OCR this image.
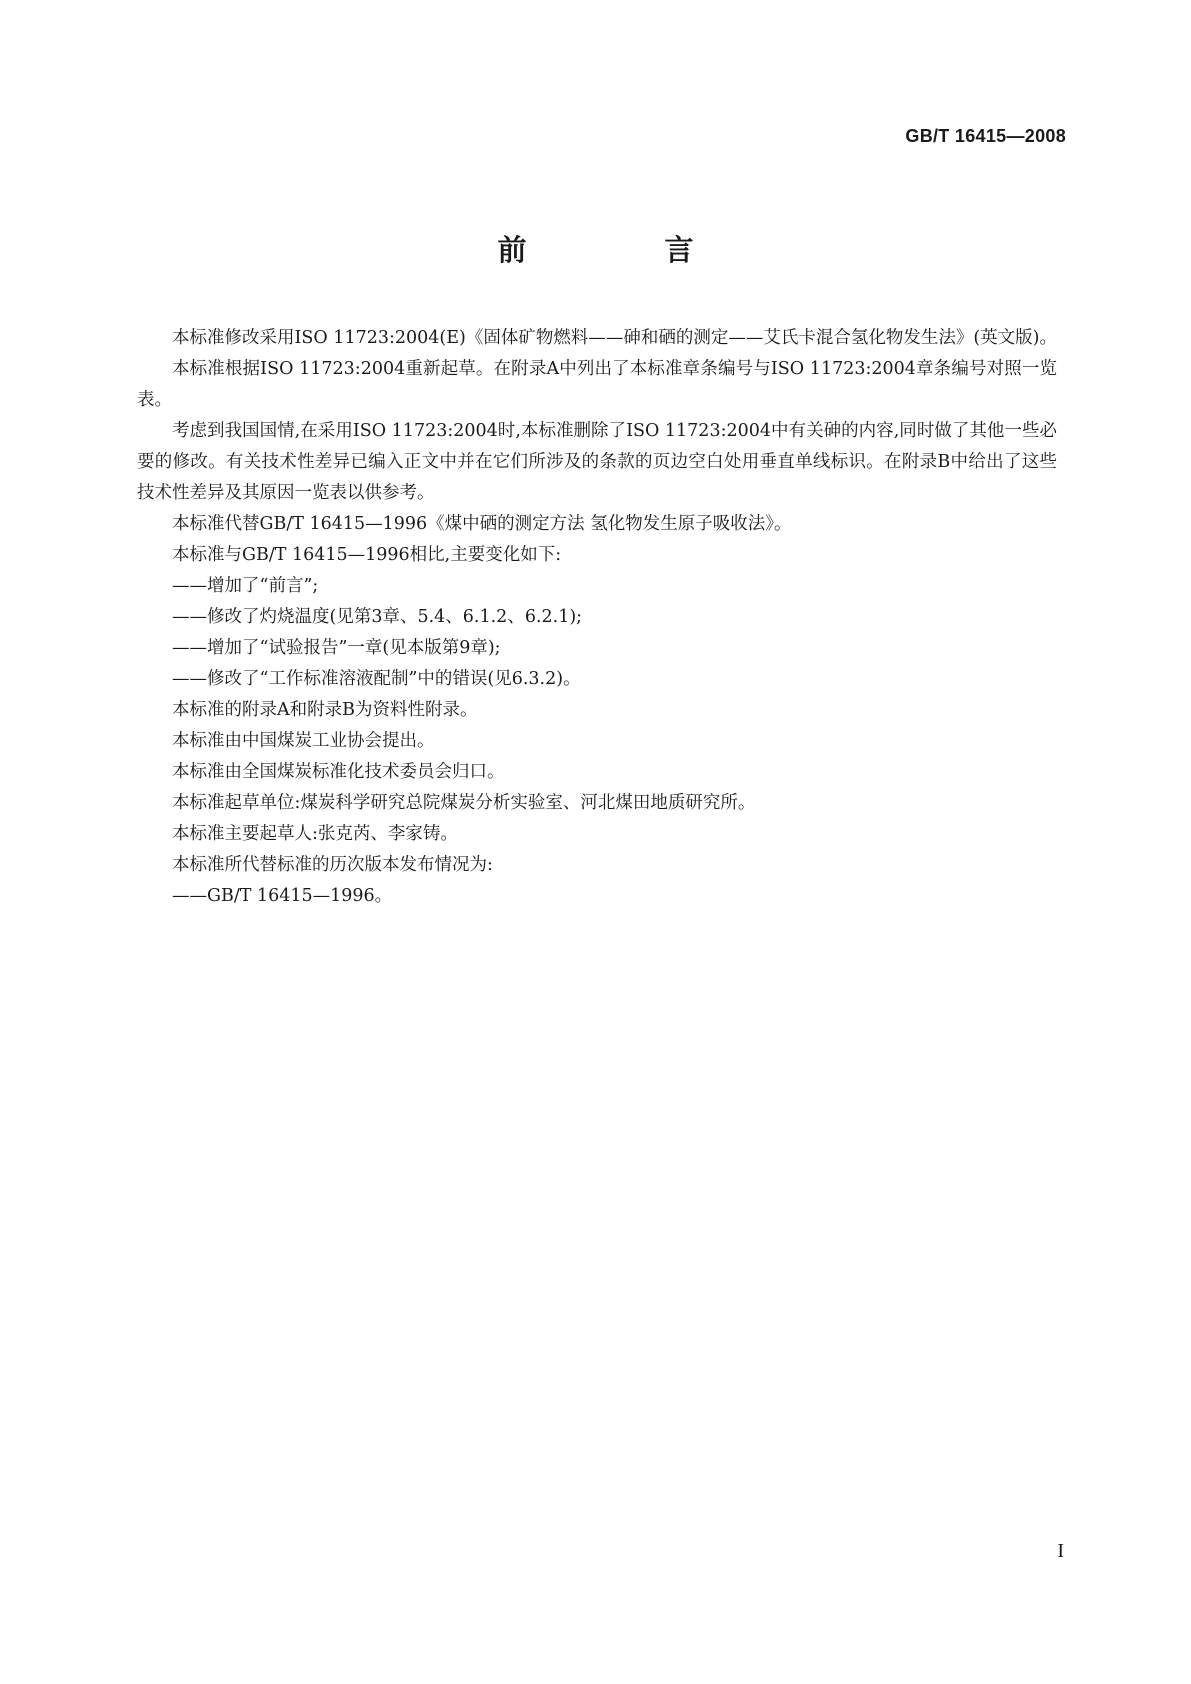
GB/T 16415—2008
前 言

本标准修改采用ISO 11723:2004(E)《固体矿物燃料——砷和硒的测定——艾氏卡混合氢化物发生法》(英文版)。

本标准根据ISO 11723:2004重新起草。在附录A中列出了本标准章条编号与ISO 11723:2004章条编号对照一览表。

考虑到我国国情,在采用ISO 11723:2004时,本标准删除了ISO 11723:2004中有关砷的内容,同时做了其他一些必要的修改。有关技术性差异已编入正文中并在它们所涉及的条款的页边空白处用垂直单线标识。在附录B中给出了这些技术性差异及其原因一览表以供参考。

本标准代替GB/T 16415—1996《煤中硒的测定方法 氢化物发生原子吸收法》。

本标准与GB/T 16415—1996相比,主要变化如下:

——增加了“前言”;

——修改了灼烧温度(见第3章、5.4、6.1.2、6.2.1);

——增加了“试验报告”一章(见本版第9章);

——修改了“工作标准溶液配制”中的错误(见6.3.2)。

本标准的附录A和附录B为资料性附录。

本标准由中国煤炭工业协会提出。

本标准由全国煤炭标准化技术委员会归口。

本标准起草单位:煤炭科学研究总院煤炭分析实验室、河北煤田地质研究所。

本标准主要起草人:张克芮、李家铸。

本标准所代替标准的历次版本发布情况为:

——GB/T 16415—1996。

I
